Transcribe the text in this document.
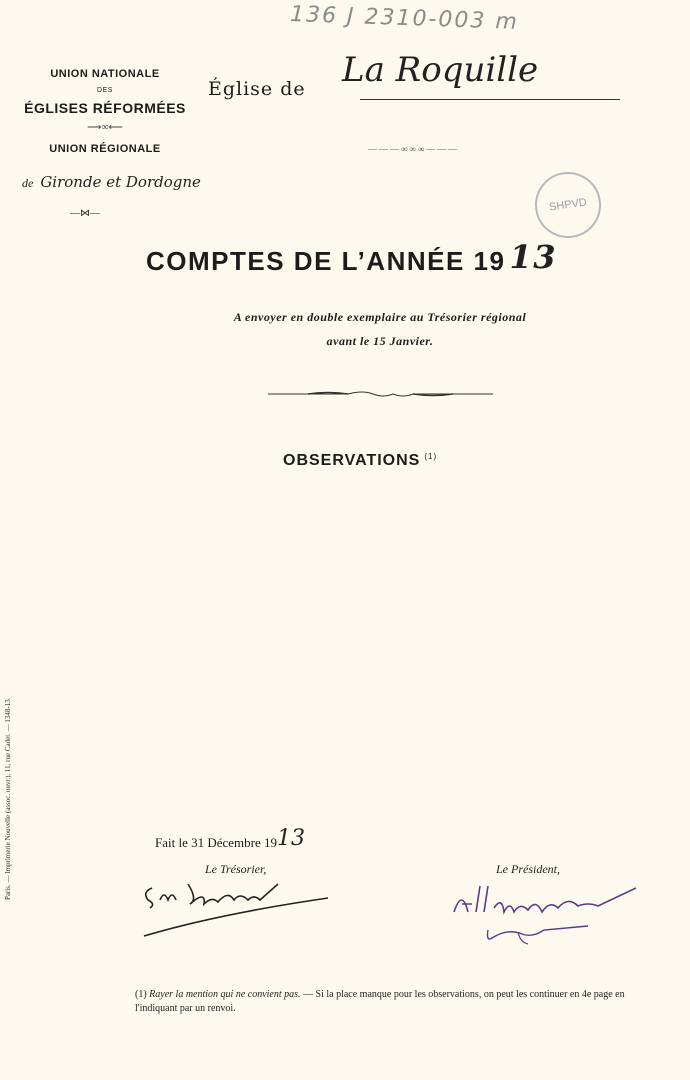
136 J 2310-003 m
UNION NATIONALE
DES
ÉGLISES RÉFORMÉES
⟶∞⟵
UNION RÉGIONALE
de Gironde et Dordogne
—⋈—
Église de La Roquille
———∞∞∞———
SHPVD
COMPTES DE L’ANNÉE 19 13
A envoyer en double exemplaire au Trésorier régional
avant le 15 Janvier.
OBSERVATIONS $^{(1)}$
Paris. — Imprimerie Nouvelle (assoc. ouvr.), 11, rue Cadet. — 1348-13.	Fait le 31 Décembre 1913
Le Trésorier,	Le Président,
(1) Rayer la mention qui ne convient pas. — Si la place manque pour les observations, on peut les continuer en 4e page en l'indiquant par un renvoi.
